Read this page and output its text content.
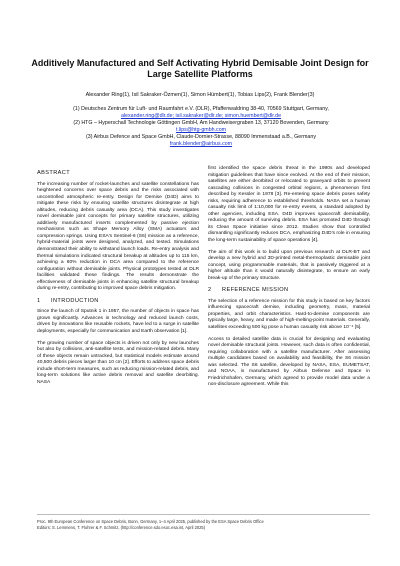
Additively Manufactured and Self Activating Hybrid Demisable Joint Design for Large Satellite Platforms
Alexander Ring(1), Isil Sakraker-Özmen(1), Simon Hümbert(1), Tobias Lips(2), Frank Blender(3)
(1) Deutsches Zentrum für Luft- und Raumfahrt e.V. (DLR), Pfaffenwaldring 38-40, 70569 Stuttgart, Germany,
alexander.ring@dlr.de; isil.sakraker@dlr.de; simon.huembert@dlr.de
(2) HTG – Hyperschall Technologie Göttingen GmbH, Am Handweisergraben 13, 37120 Bovenden, Germany
t.lips@htg-gmbh.com
(3) Airbus Defence and Space GmbH, Claude-Dornier-Strasse, 88090 Immenstaad a.B., Germany
frank.blender@airbus.com
ABSTRACT

The increasing number of rocket-launches and satellite constellations has heightened concerns over space debris and the risks associated with uncontrolled atmospheric re-entry. Design for Demise (D4D) aims to mitigate these risks by ensuring satellite structures disintegrate at high altitudes, reducing debris casualty area (DCA). This study investigates novel demisable joint concepts for primary satellite structures, utilizing additively manufactured inserts complemented by passive ejection mechanisms such as Shape Memory Alloy (SMA) actuators and compression springs. Using ESA's Sentinel-6 (S6) mission as a reference, hybrid-material joints were designed, analyzed, and tested. Simulations demonstrated their ability to withstand launch loads. Re-entry analysis and thermal simulations indicated structural breakup at altitudes up to 115 km, achieving a 60% reduction in DCA area compared to the reference configuration without demisable joints. Physical prototypes tested at DLR facilities validated these findings. The results demonstrate the effectiveness of demisable joints in enhancing satellite structural breakup during re-entry, contributing to improved space debris mitigation.

1 INTRODUCTION

Since the launch of Sputnik 1 in 1957, the number of objects in space has grown significantly. Advances in technology and reduced launch costs, driven by innovations like reusable rockets, have led to a surge in satellite deployments, especially for communication and Earth observation [1].

The growing number of space objects is driven not only by new launches but also by collisions, anti-satellite tests, and mission-related debris. Many of these objects remain untracked, but statistical models estimate around 40,500 debris pieces larger than 10 cm [2]. Efforts to address space debris include short-term measures, such as reducing mission-related debris, and long-term solutions like active debris removal and satellite deorbiting. NASA

first identified the space debris threat in the 1990s and developed mitigation guidelines that have since evolved. At the end of their mission, satellites are either deorbited or relocated to graveyard orbits to prevent cascading collisions in congested orbital regions, a phenomenon first described by Kessler in 1978 [3]. Re-entering space debris poses safety risks, requiring adherence to established thresholds. NASA set a human casualty risk limit of 1:10,000 for re-entry events, a standard adopted by other agencies, including ESA. D4D improves spacecraft demisability, reducing the amount of surviving debris. ESA has promoted D4D through its Clean Space initiative since 2012. Studies show that controlled dismantling significantly reduces DCA, emphasizing D4D's role in ensuring the long-term sustainability of space operations [4].

The aim of this work is to build upon previous research at DLR-BT and develop a new hybrid and 3D-printed metal-thermoplastic demisable joint concept, using programmable materials, that is passively triggered at a higher altitude than it would naturally disintegrate, to ensure an early break-up of the primary structure.

2 REFERENCE MISSION

The selection of a reference mission for this study is based on key factors influencing spacecraft demise, including geometry, mass, material properties, and orbit characteristics. Hard-to-demise components are typically large, heavy, and made of high-melting-point materials. Generally, satellites exceeding 500 kg pose a human casualty risk above 10⁻⁴ [5].

Access to detailed satellite data is crucial for designing and evaluating novel demisable structural joints. However, such data is often confidential, requiring collaboration with a satellite manufacturer. After assessing multiple candidates based on availability and feasibility, the S6 mission was selected. The S6 satellite, developed by NASA, ESA, EUMETSAT, and NOAA, is manufactured by Airbus Defense and Space in Friedrichshafen, Germany, which agreed to provide model data under a non-disclosure agreement. While this

Proc. 9th European Conference on Space Debris, Bonn, Germany, 1–4 April 2025, published by the ESA Space Debris Office
Editors: S. Lemmens, T. Flohrer & F. Schmitz, (http://conference.sdo.esoc.esa.int, April 2025)
